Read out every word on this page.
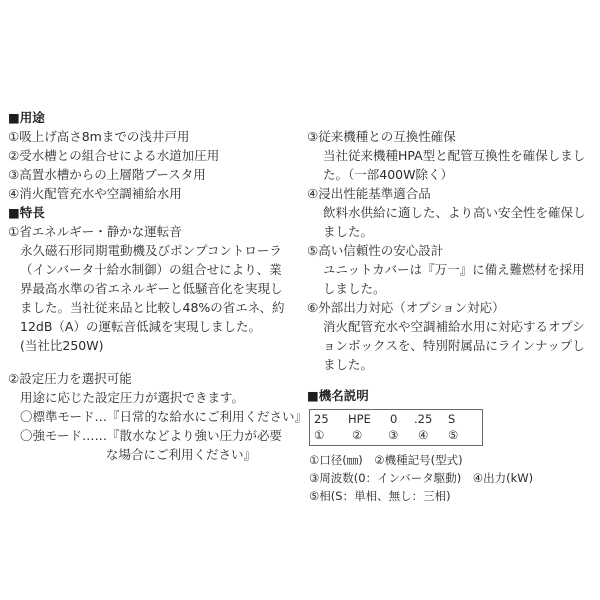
■用途
①吸上げ高さ8mまでの浅井戸用
②受水槽との組合せによる水道加圧用
③高置水槽からの上層階ブースタ用
④消火配管充水や空調補給水用
■特長
①省エネルギー・静かな運転音
永久磁石形同期電動機及びポンプコントローラ
（インバータ十給水制御）の組合せにより、業
界最高水準の省エネルギーと低騒音化を実現し
ました。当社従来品と比較し48%の省エネ、約
12dB（A）の運転音低減を実現しました。
(当社比250W)
②設定圧力を選択可能
用途に応じた設定圧力が選択できます。
〇標準モード…『日常的な給水にご利用ください』
〇強モード……『散水などより強い圧力が必要
な場合にご利用ください』
③従来機種との互換性確保
当社従来機種HPA型と配管互換性を確保しまし
た。（一部400W除く）
④浸出性能基準適合品
飲料水供給に適した、より高い安全性を確保し
ました。
⑤高い信頼性の安心設計
ユニットカバーは『万一』に備え難燃材を採用
しました。
⑥外部出力対応（オプション対応）
消火配管充水や空調補給水用に対応するオプシ
ョンボックスを、特別附属品にラインナップし
ました。
■機名説明
25 HPE 0 .25 S
① ② ③ ④ ⑤
①口径(㎜)　②機種記号(型式)
③周波数(0：インバータ駆動)　④出力(kW)
⑤相(S：単相、無し：三相)
